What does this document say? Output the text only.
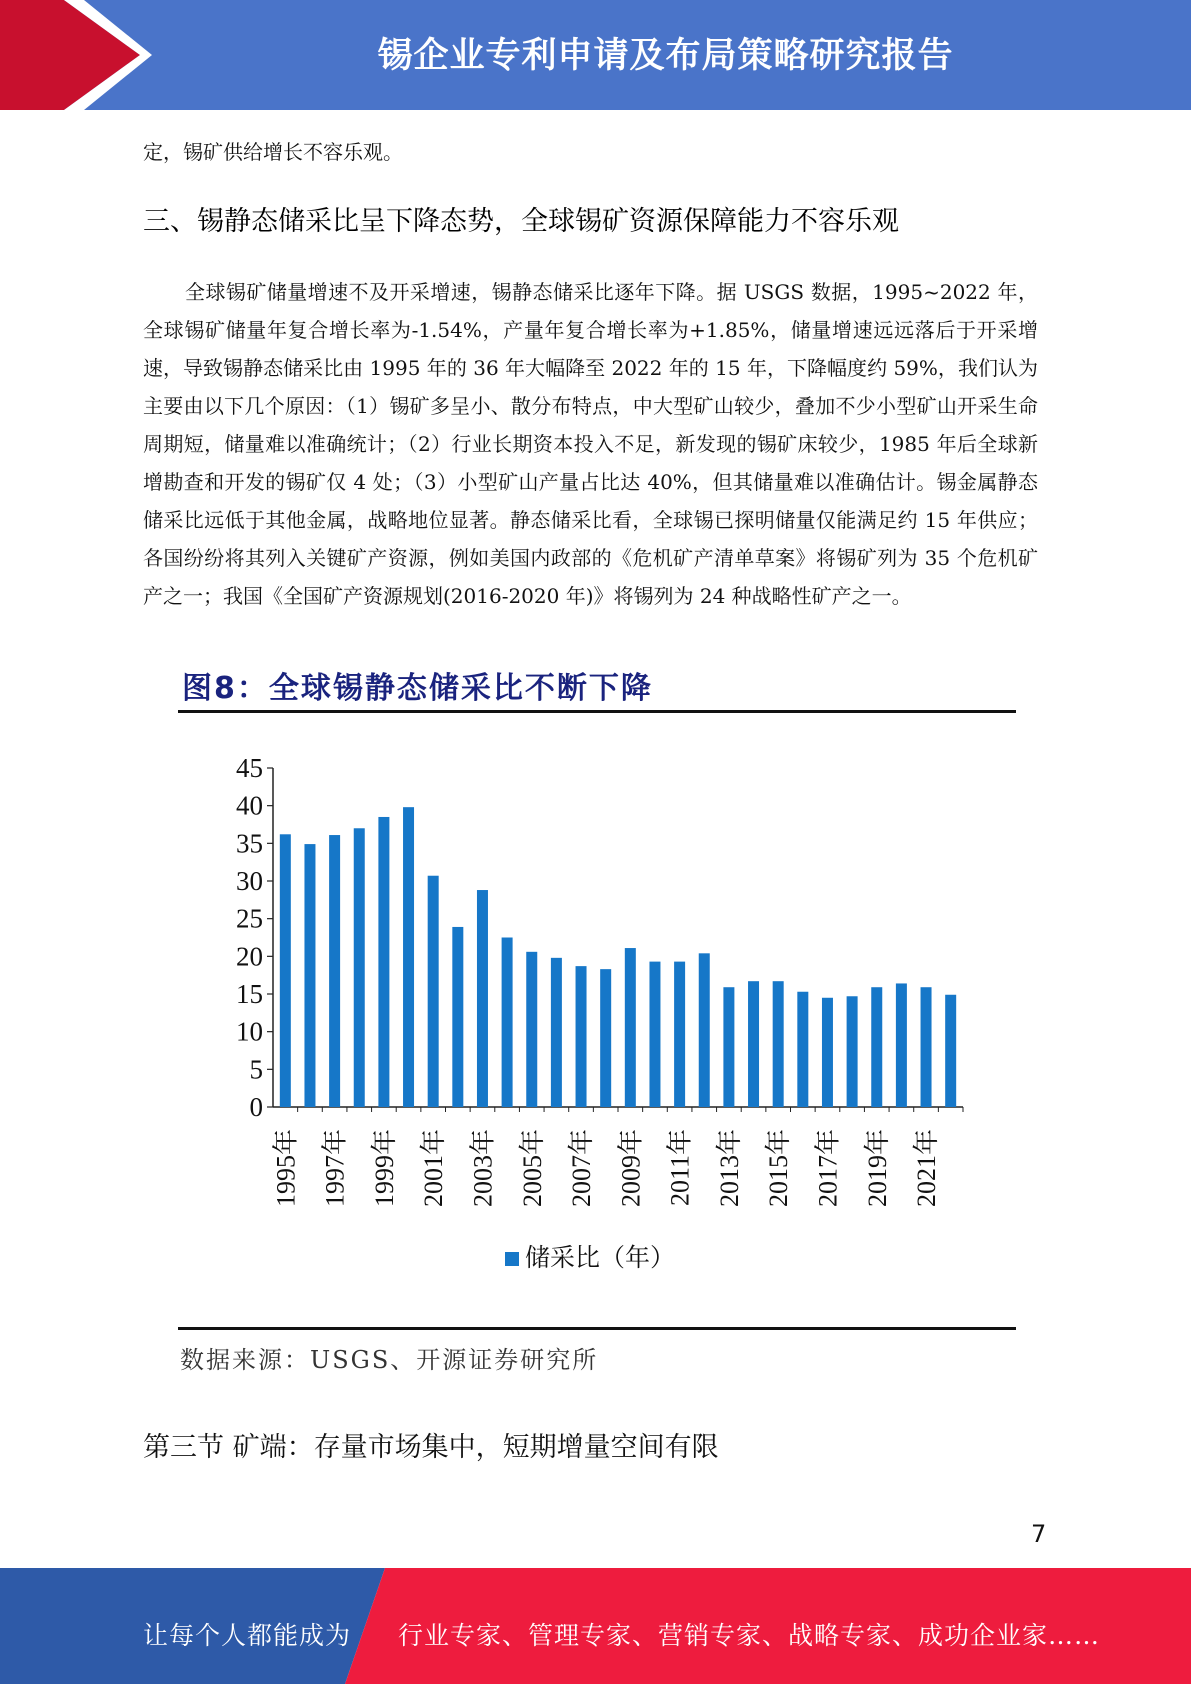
锡企业专利申请及布局策略研究报告
定，锡矿供给增长不容乐观。
三、锡静态储采比呈下降态势，全球锡矿资源保障能力不容乐观
全球锡矿储量增速不及开采增速，锡静态储采比逐年下降。据 USGS 数据，1995~2022 年，全球锡矿储量年复合增长率为-1.54%，产量年复合增长率为+1.85%，储量增速远远落后于开采增速，导致锡静态储采比由 1995 年的 36 年大幅降至 2022 年的 15 年，下降幅度约 59%，我们认为主要由以下几个原因：（1）锡矿多呈小、散分布特点，中大型矿山较少，叠加不少小型矿山开采生命周期短，储量难以准确统计；（2）行业长期资本投入不足，新发现的锡矿床较少，1985 年后全球新增勘查和开发的锡矿仅 4 处；（3）小型矿山产量占比达 40%，但其储量难以准确估计。锡金属静态储采比远低于其他金属，战略地位显著。静态储采比看，全球锡已探明储量仅能满足约 15 年供应；各国纷纷将其列入关键矿产资源，例如美国内政部的《危机矿产清单草案》将锡矿列为 35 个危机矿产之一；我国《全国矿产资源规划(2016-2020 年)》将锡列为 24 种战略性矿产之一。
图8：全球锡静态储采比不断下降
0
5
10
15
20
25
30
35
40
45
1995年 1997年 1999年 2001年 2003年 2005年 2007年 2009年 2011年 2013年 2015年 2017年 2019年 2021年
储采比（年）
数据来源：USGS、开源证券研究所
第三节 矿端：存量市场集中，短期增量空间有限
7
让每个人都能成为 行业专家、管理专家、营销专家、战略专家、成功企业家……
